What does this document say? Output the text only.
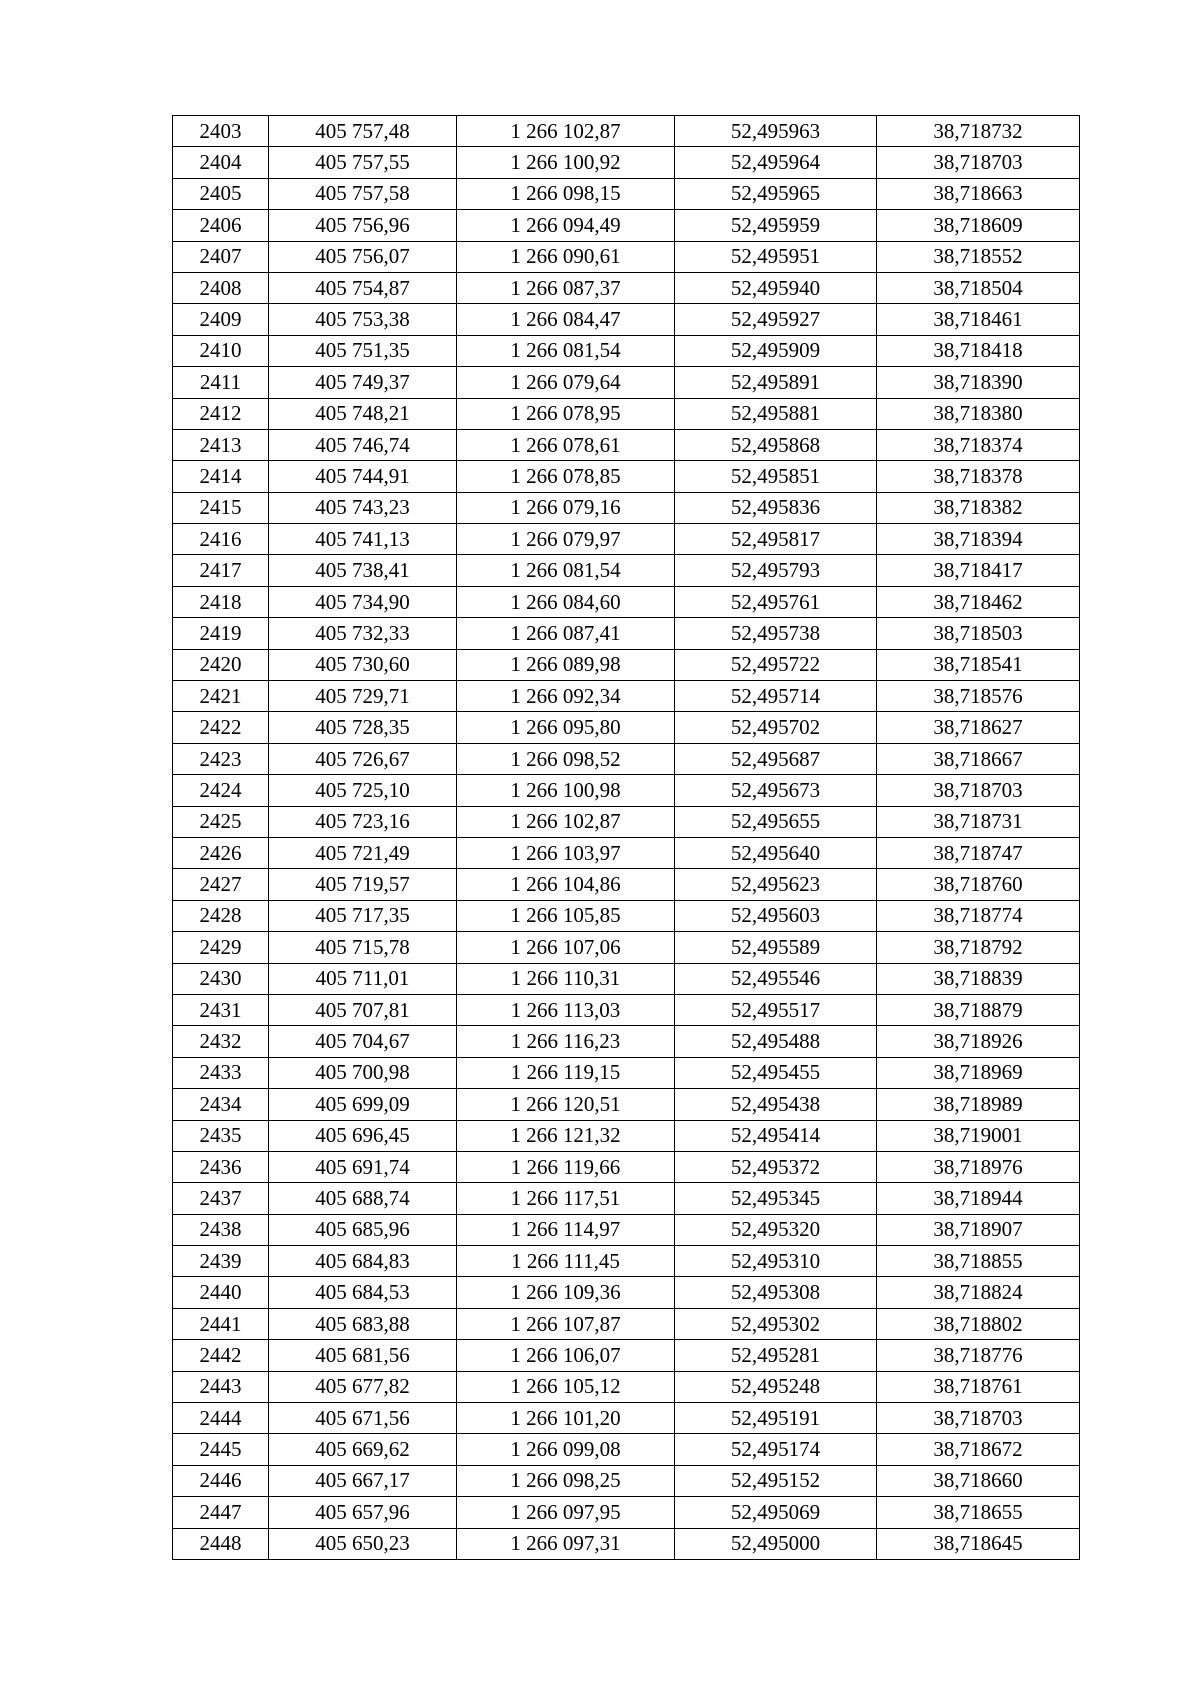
2403	405 757,48	1 266 102,87	52,495963	38,718732
2404	405 757,55	1 266 100,92	52,495964	38,718703
2405	405 757,58	1 266 098,15	52,495965	38,718663
2406	405 756,96	1 266 094,49	52,495959	38,718609
2407	405 756,07	1 266 090,61	52,495951	38,718552
2408	405 754,87	1 266 087,37	52,495940	38,718504
2409	405 753,38	1 266 084,47	52,495927	38,718461
2410	405 751,35	1 266 081,54	52,495909	38,718418
2411	405 749,37	1 266 079,64	52,495891	38,718390
2412	405 748,21	1 266 078,95	52,495881	38,718380
2413	405 746,74	1 266 078,61	52,495868	38,718374
2414	405 744,91	1 266 078,85	52,495851	38,718378
2415	405 743,23	1 266 079,16	52,495836	38,718382
2416	405 741,13	1 266 079,97	52,495817	38,718394
2417	405 738,41	1 266 081,54	52,495793	38,718417
2418	405 734,90	1 266 084,60	52,495761	38,718462
2419	405 732,33	1 266 087,41	52,495738	38,718503
2420	405 730,60	1 266 089,98	52,495722	38,718541
2421	405 729,71	1 266 092,34	52,495714	38,718576
2422	405 728,35	1 266 095,80	52,495702	38,718627
2423	405 726,67	1 266 098,52	52,495687	38,718667
2424	405 725,10	1 266 100,98	52,495673	38,718703
2425	405 723,16	1 266 102,87	52,495655	38,718731
2426	405 721,49	1 266 103,97	52,495640	38,718747
2427	405 719,57	1 266 104,86	52,495623	38,718760
2428	405 717,35	1 266 105,85	52,495603	38,718774
2429	405 715,78	1 266 107,06	52,495589	38,718792
2430	405 711,01	1 266 110,31	52,495546	38,718839
2431	405 707,81	1 266 113,03	52,495517	38,718879
2432	405 704,67	1 266 116,23	52,495488	38,718926
2433	405 700,98	1 266 119,15	52,495455	38,718969
2434	405 699,09	1 266 120,51	52,495438	38,718989
2435	405 696,45	1 266 121,32	52,495414	38,719001
2436	405 691,74	1 266 119,66	52,495372	38,718976
2437	405 688,74	1 266 117,51	52,495345	38,718944
2438	405 685,96	1 266 114,97	52,495320	38,718907
2439	405 684,83	1 266 111,45	52,495310	38,718855
2440	405 684,53	1 266 109,36	52,495308	38,718824
2441	405 683,88	1 266 107,87	52,495302	38,718802
2442	405 681,56	1 266 106,07	52,495281	38,718776
2443	405 677,82	1 266 105,12	52,495248	38,718761
2444	405 671,56	1 266 101,20	52,495191	38,718703
2445	405 669,62	1 266 099,08	52,495174	38,718672
2446	405 667,17	1 266 098,25	52,495152	38,718660
2447	405 657,96	1 266 097,95	52,495069	38,718655
2448	405 650,23	1 266 097,31	52,495000	38,718645
